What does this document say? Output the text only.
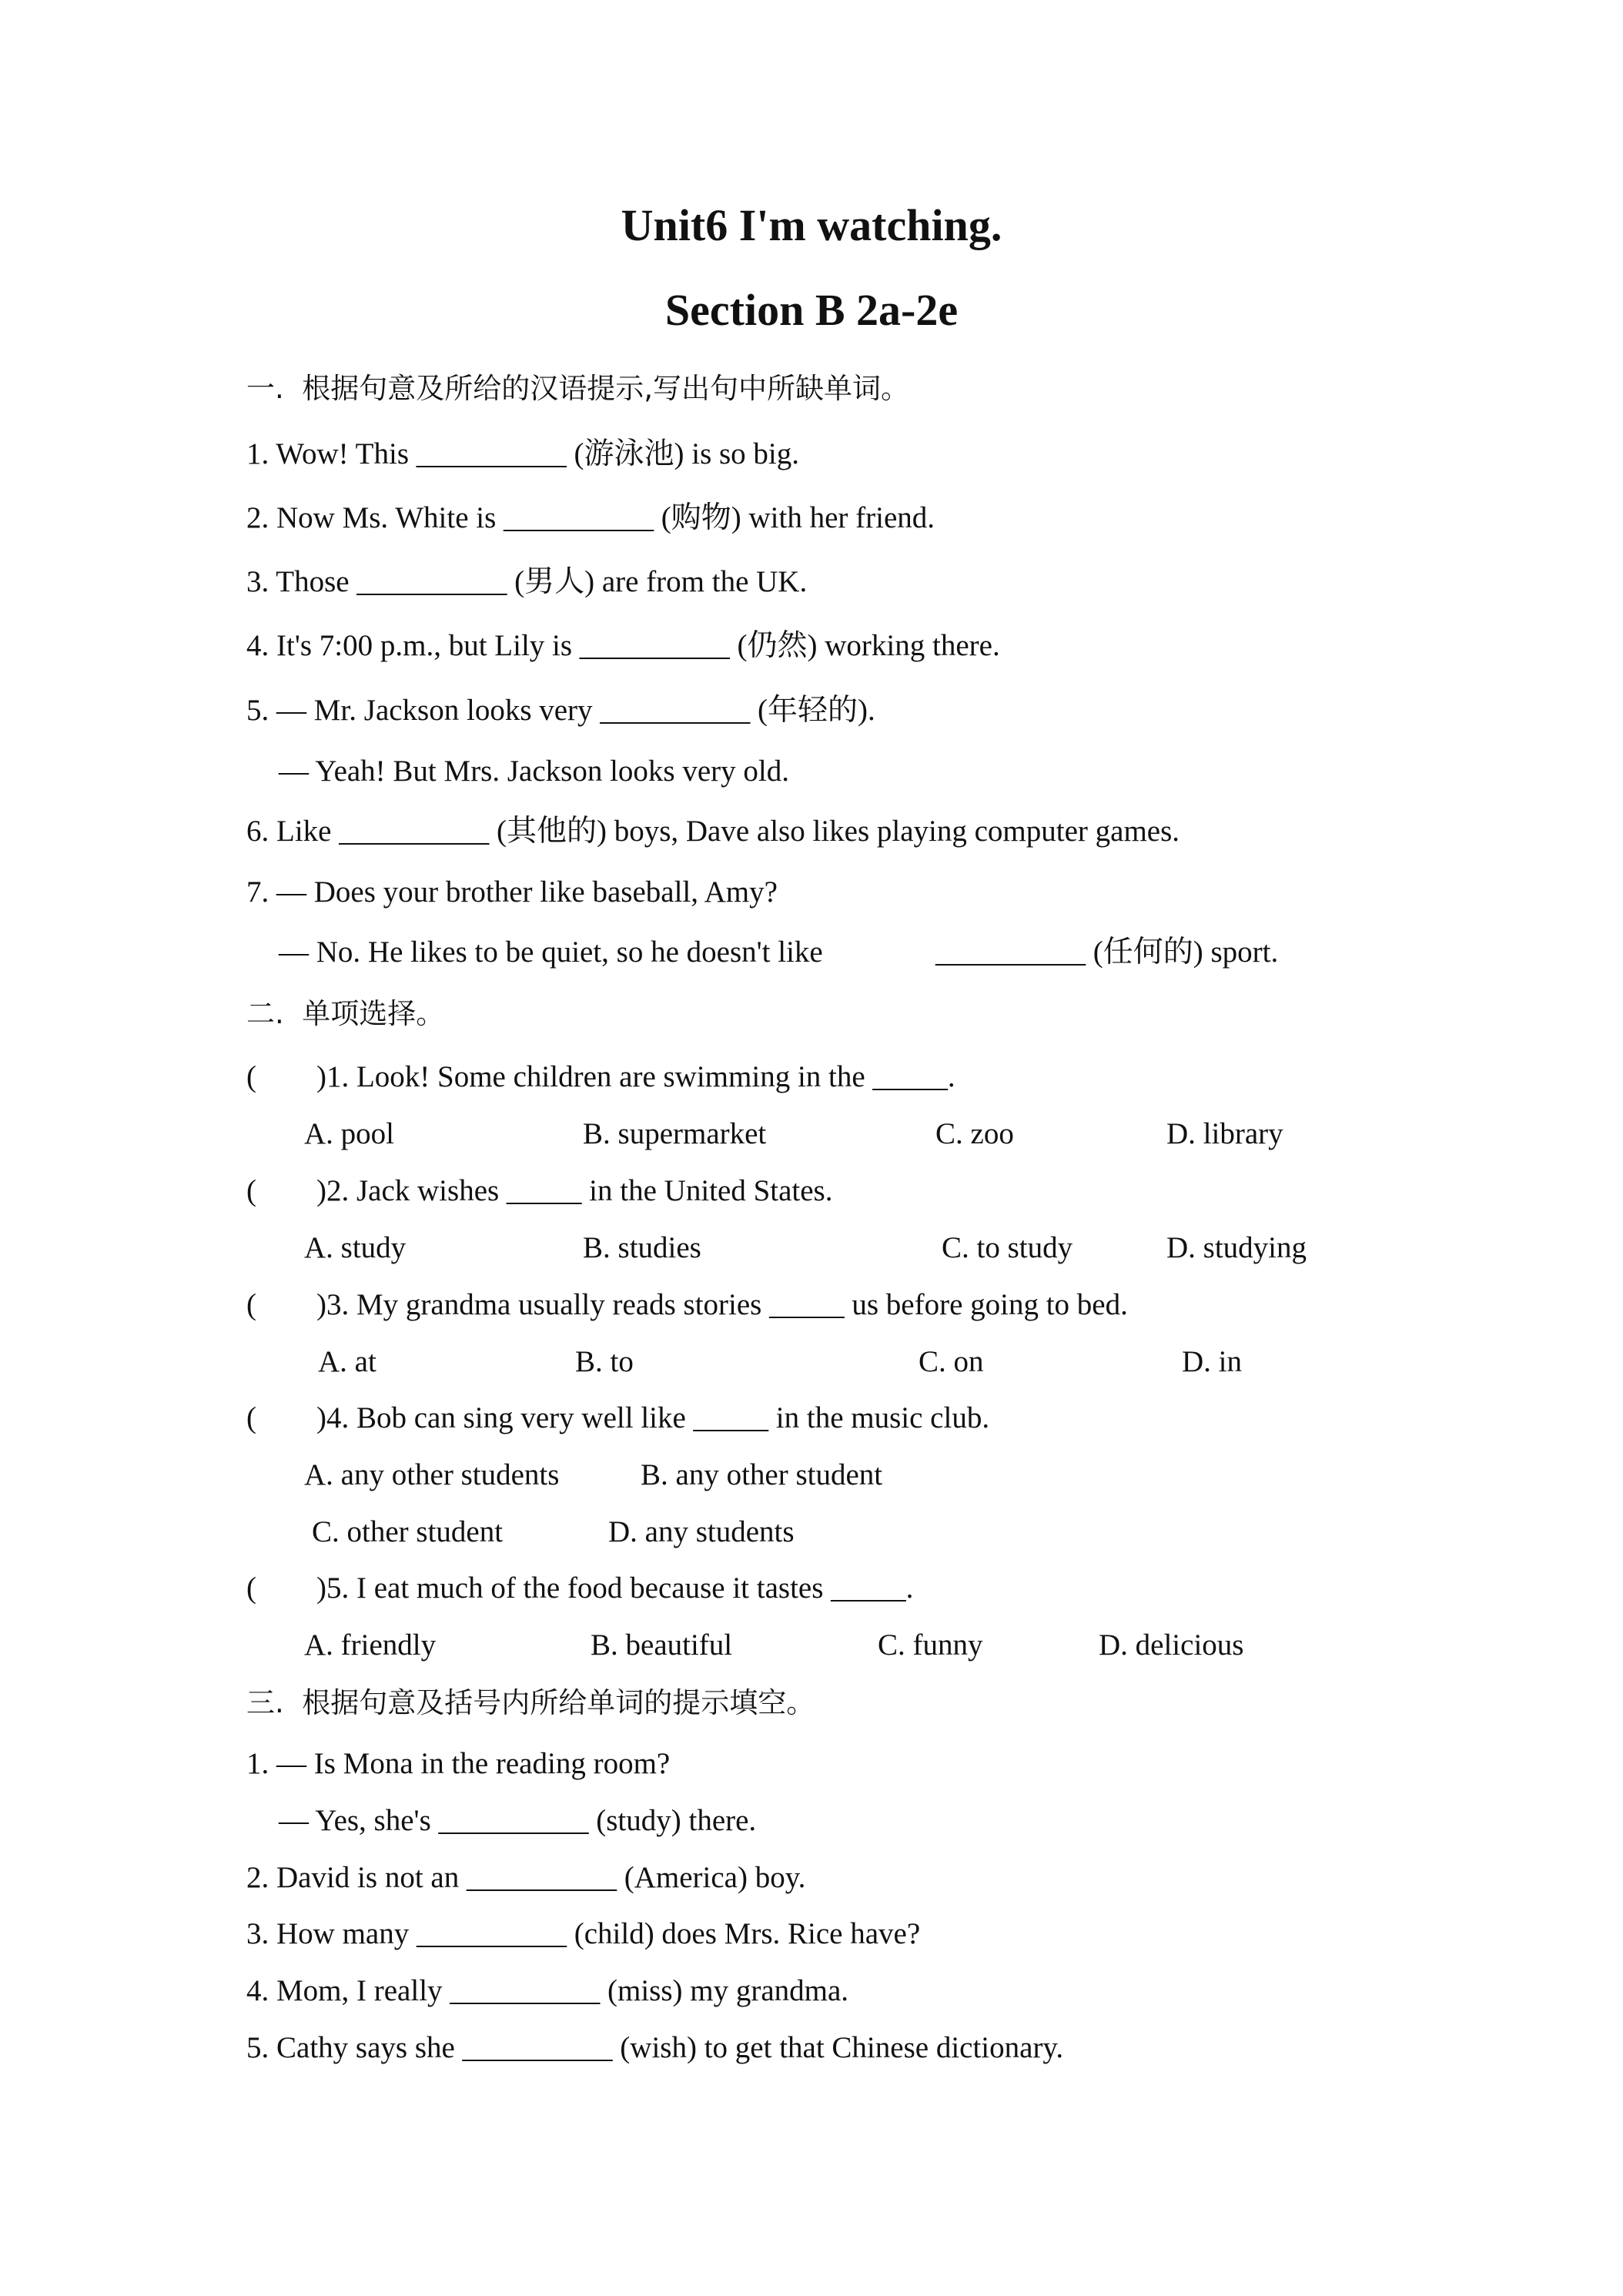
Unit6 I'm watching.
Section B 2a-2e
一.  根据句意及所给的汉语提示,写出句中所缺单词。
1. Wow! This __________ (游泳池) is so big.
2. Now Ms. White is __________ (购物) with her friend.
3. Those __________ (男人) are from the UK.
4. It's 7:00 p.m., but Lily is __________ (仍然) working there.
5. — Mr. Jackson looks very __________ (年轻的).
— Yeah! But Mrs. Jackson looks very old.
6. Like __________ (其他的) boys, Dave also likes playing computer games.
7. — Does your brother like baseball, Amy?
— No. He likes to be quiet, so he doesn't like	__________ (任何的) sport.
二.  单项选择。
(        )1. Look! Some children are swimming in the _____.
A. pool	B. supermarket	C. zoo	D. library
(        )2. Jack wishes _____ in the United States.
A. study	B. studies	C. to study	D. studying
(        )3. My grandma usually reads stories _____ us before going to bed.
A. at	B. to	C. on	D. in
(        )4. Bob can sing very well like _____ in the music club.
A. any other students	B. any other student
C. other student	D. any students
(        )5. I eat much of the food because it tastes _____.
A. friendly	B. beautiful	C. funny	D. delicious
三.  根据句意及括号内所给单词的提示填空。
1. — Is Mona in the reading room?
— Yes, she's __________ (study) there.
2. David is not an __________ (America) boy.
3. How many __________ (child) does Mrs. Rice have?
4. Mom, I really __________ (miss) my grandma.
5. Cathy says she __________ (wish) to get that Chinese dictionary.
